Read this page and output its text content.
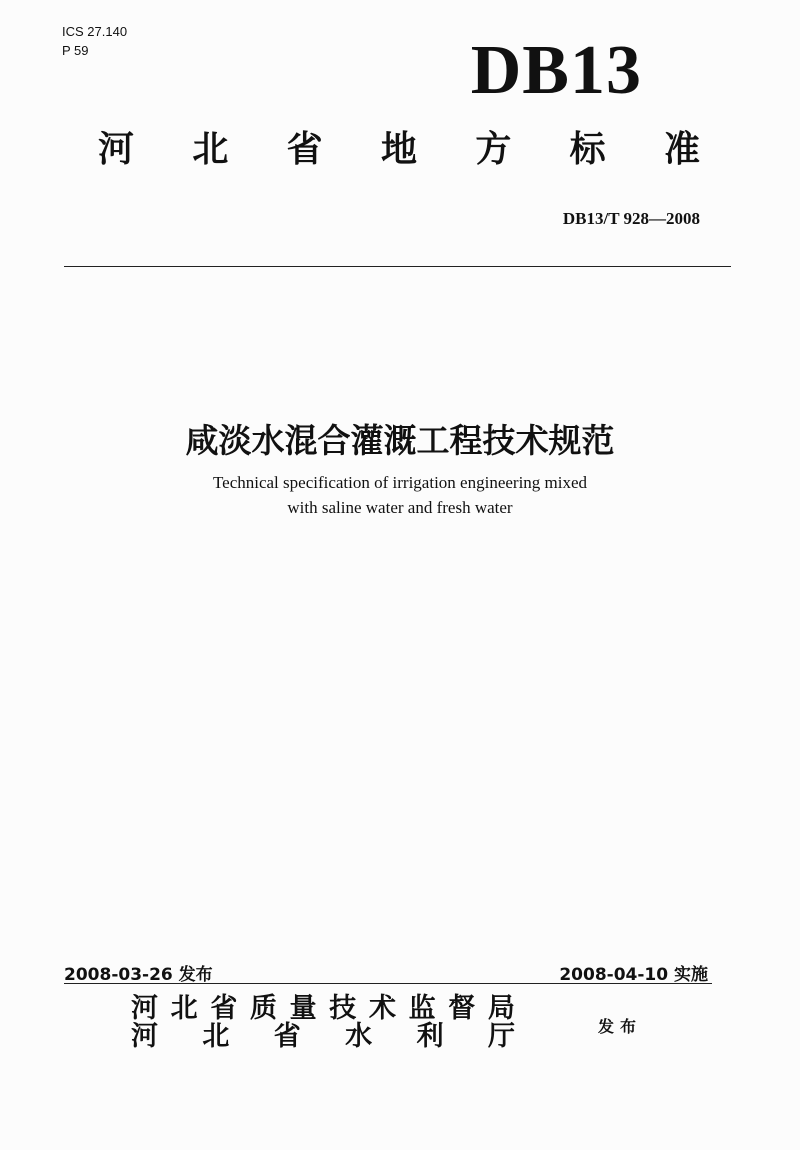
ICS 27.140
P 59	DB13
河 北 省 地 方 标 准
DB13/T 928—2008
咸淡水混合灌溉工程技术规范
Technical specification of irrigation engineering mixed
with saline water and fresh water
2008-03-26 发布	2008-04-10 实施
河 北 省 质 量 技 术 监 督 局
河 北 省 水 利 厅	发布
